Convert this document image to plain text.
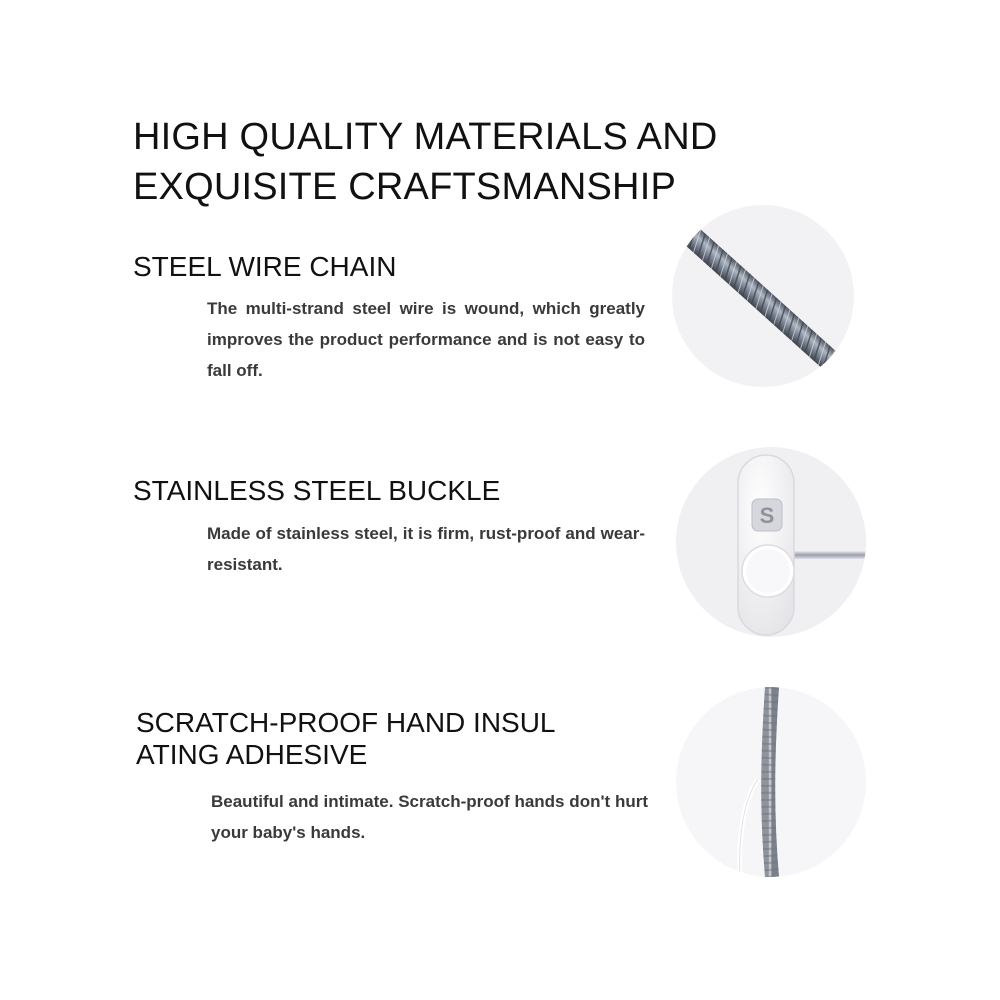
HIGH QUALITY MATERIALS AND
EXQUISITE CRAFTSMANSHIP
STEEL WIRE CHAIN
The multi-strand steel wire is wound, which greatly improves the product performance and is not easy to fall off.
STAINLESS STEEL BUCKLE
Made of stainless steel, it is firm, rust-proof and wear-resistant.
S
SCRATCH-PROOF HAND INSUL
ATING ADHESIVE
Beautiful and intimate. Scratch-proof hands don't hurt your baby's hands.
